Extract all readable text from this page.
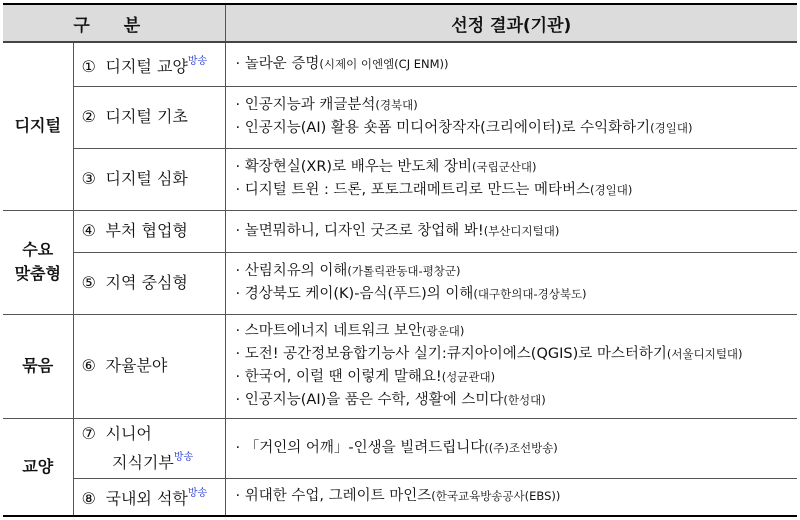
구 분		선정 결과(기관)
디지털	① 디지털 교양$^{방송}$	· 놀라운 증명(시제이 이엔엠(CJ ENM))

	② 디지털 기초	· 인공지능과 캐글분석(경북대)
· 인공지능(AI) 활용 숏폼 미디어창작자(크리에이터)로 수익화하기(경일대)

	③ 디지털 심화	· 확장현실(XR)로 배우는 반도체 장비(국립군산대)
· 디지털 트윈 : 드론, 포토그래메트리로 만드는 메타버스(경일대)

수요
맞춤형	④ 부처 협업형	· 놀면뭐하니, 디자인 굿즈로 창업해 봐!(부산디지털대)

	⑤ 지역 중심형	· 산림치유의 이해(가톨릭관동대-평창군)
· 경상북도 케이(K)-음식(푸드)의 이해(대구한의대-경상북도)

묶음	⑥ 자율분야	· 스마트에너지 네트워크 보안(광운대)
· 도전! 공간정보융합기능사 실기:큐지아이에스(QGIS)로 마스터하기(서울디지털대)
· 한국어, 이럴 땐 이렇게 말해요!(성균관대)
· 인공지능(AI)을 품은 수학, 생활에 스미다(한성대)

교양	⑦ 시니어
지식기부$^{방송}$	· 「거인의 어깨」-인생을 빌려드립니다((주)조선방송)

	⑧ 국내외 석학$^{방송}$	· 위대한 수업, 그레이트 마인즈(한국교육방송공사(EBS))
